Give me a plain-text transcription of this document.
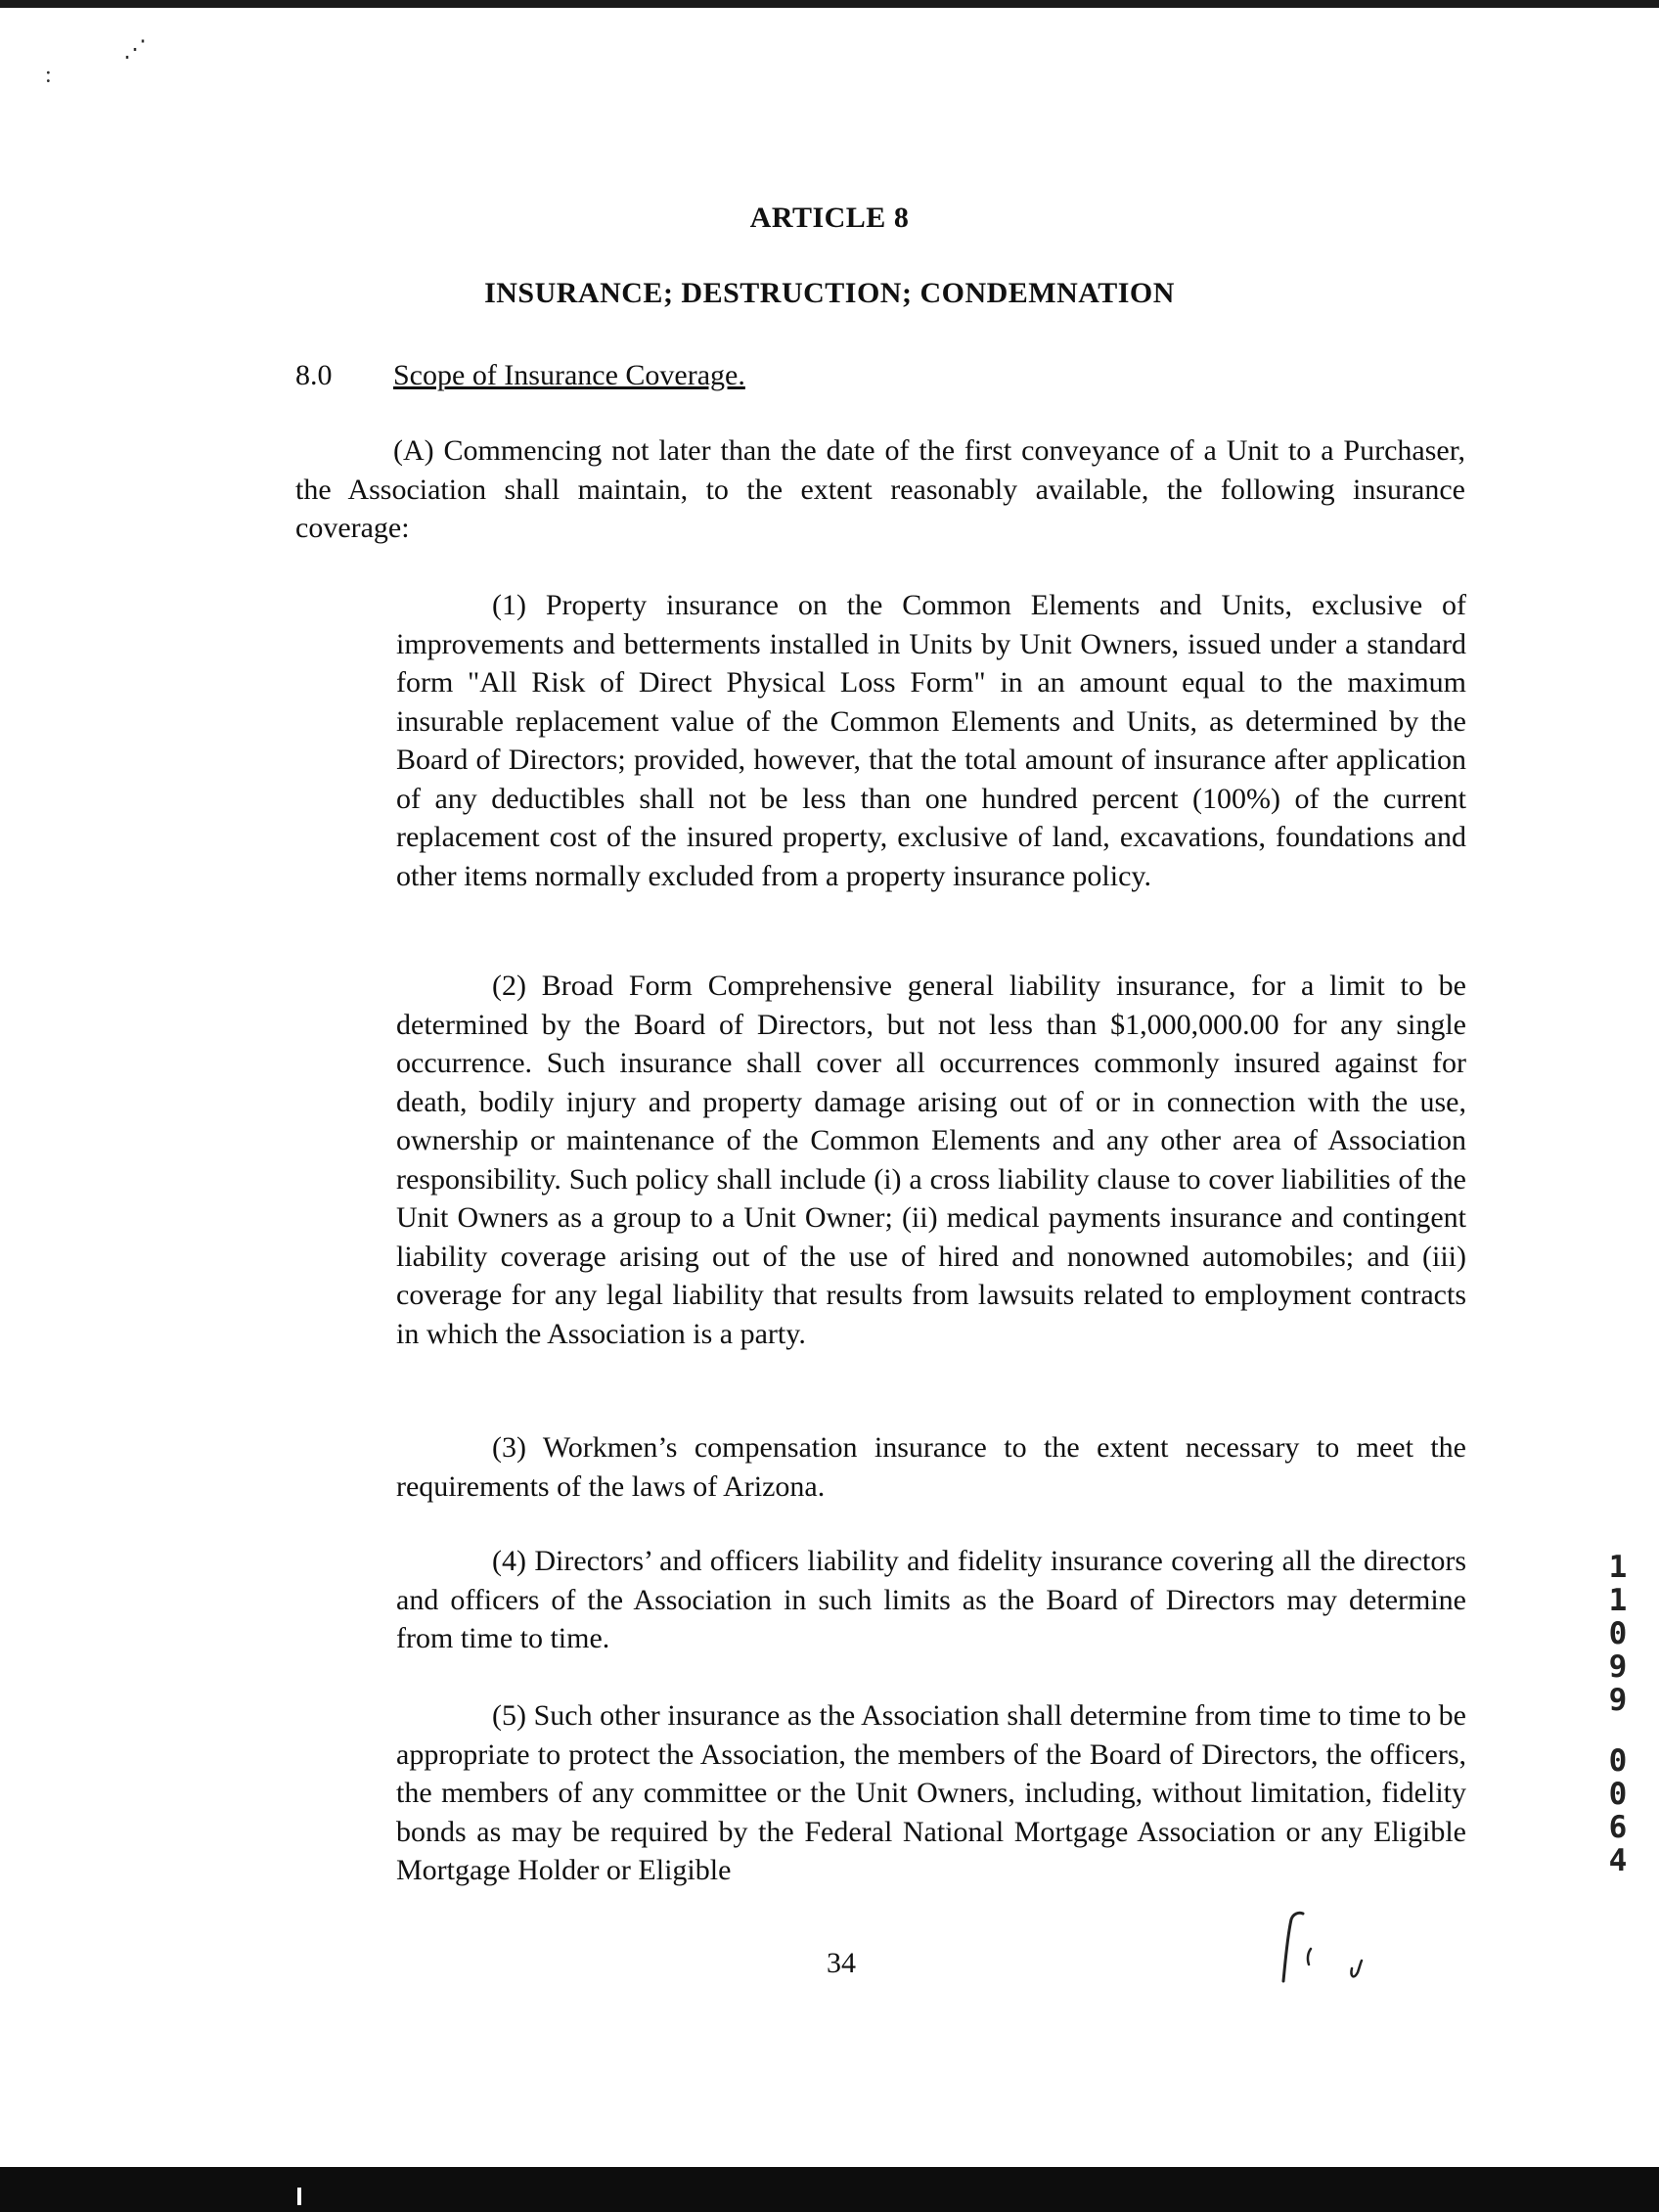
⋰
:
ARTICLE 8
INSURANCE; DESTRUCTION; CONDEMNATION
8.0 Scope of Insurance Coverage.

(A) Commencing not later than the date of the first conveyance of a Unit to a Purchaser, the Association shall maintain, to the extent reasonably available, the following insurance coverage:

(1) Property insurance on the Common Elements and Units, exclusive of improvements and betterments installed in Units by Unit Owners, issued under a standard form "All Risk of Direct Physical Loss Form" in an amount equal to the maximum insurable replacement value of the Common Elements and Units, as determined by the Board of Directors; provided, however, that the total amount of insurance after application of any deductibles shall not be less than one hundred percent (100%) of the current replacement cost of the insured property, exclusive of land, excavations, foundations and other items normally excluded from a property insurance policy.

(2) Broad Form Comprehensive general liability insurance, for a limit to be determined by the Board of Directors, but not less than $1,000,000.00 for any single occurrence. Such insurance shall cover all occurrences commonly insured against for death, bodily injury and property damage arising out of or in connection with the use, ownership or maintenance of the Common Elements and any other area of Association responsibility. Such policy shall include (i) a cross liability clause to cover liabilities of the Unit Owners as a group to a Unit Owner; (ii) medical payments insurance and contingent liability coverage arising out of the use of hired and nonowned automobiles; and (iii) coverage for any legal liability that results from lawsuits related to employment contracts in which the Association is a party.

(3) Workmen’s compensation insurance to the extent necessary to meet the requirements of the laws of Arizona.

(4) Directors’ and officers liability and fidelity insurance covering all the directors and officers of the Association in such limits as the Board of Directors may determine from time to time.

(5) Such other insurance as the Association shall determine from time to time to be appropriate to protect the Association, the members of the Board of Directors, the officers, the members of any committee or the Unit Owners, including, without limitation, fidelity bonds as may be required by the Federal National Mortgage Association or any Eligible Mortgage Holder or Eligible

34
1
1
0
9
9
0
0
6
4
